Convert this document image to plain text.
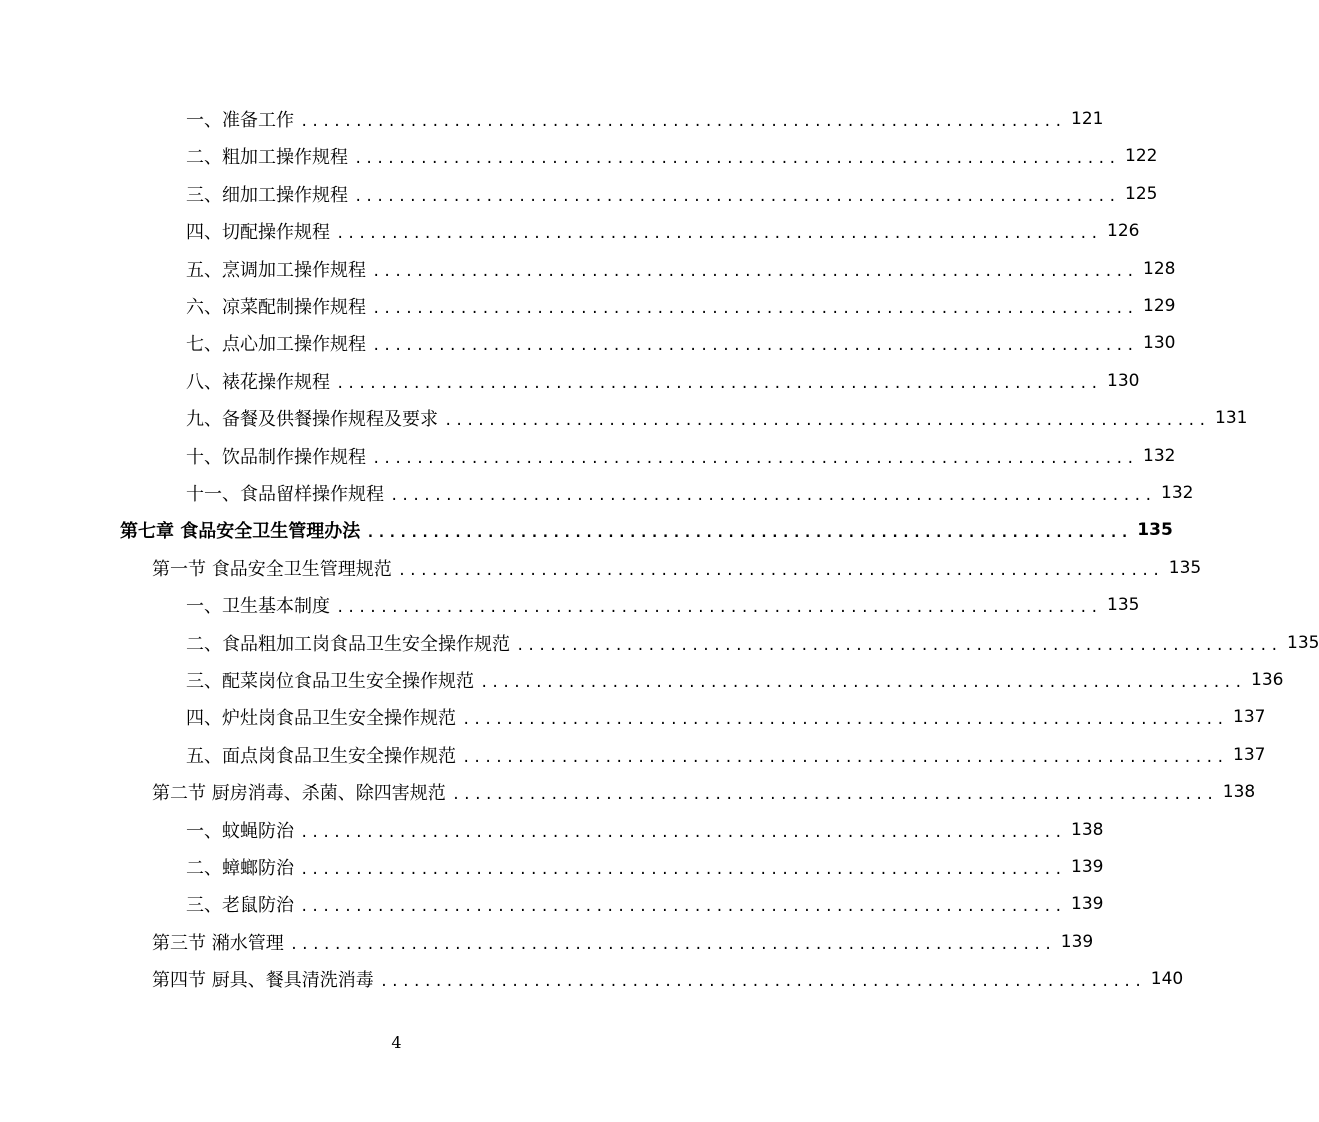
一、准备工作 ...................................................................... 121
二、粗加工操作规程 ...................................................................... 122
三、细加工操作规程 ...................................................................... 125
四、切配操作规程 ...................................................................... 126
五、烹调加工操作规程 ...................................................................... 128
六、凉菜配制操作规程 ...................................................................... 129
七、点心加工操作规程 ...................................................................... 130
八、裱花操作规程 ...................................................................... 130
九、备餐及供餐操作规程及要求 ...................................................................... 131
十、饮品制作操作规程 ...................................................................... 132
十一、食品留样操作规程 ...................................................................... 132
第七章 食品安全卫生管理办法 ...................................................................... 135
第一节 食品安全卫生管理规范 ...................................................................... 135
一、卫生基本制度 ...................................................................... 135
二、食品粗加工岗食品卫生安全操作规范 ...................................................................... 135
三、配菜岗位食品卫生安全操作规范 ...................................................................... 136
四、炉灶岗食品卫生安全操作规范 ...................................................................... 137
五、面点岗食品卫生安全操作规范 ...................................................................... 137
第二节 厨房消毒、杀菌、除四害规范 ...................................................................... 138
一、蚊蝇防治 ...................................................................... 138
二、蟑螂防治 ...................................................................... 139
三、老鼠防治 ...................................................................... 139
第三节 潲水管理 ...................................................................... 139
第四节 厨具、餐具清洗消毒 ...................................................................... 140
4
